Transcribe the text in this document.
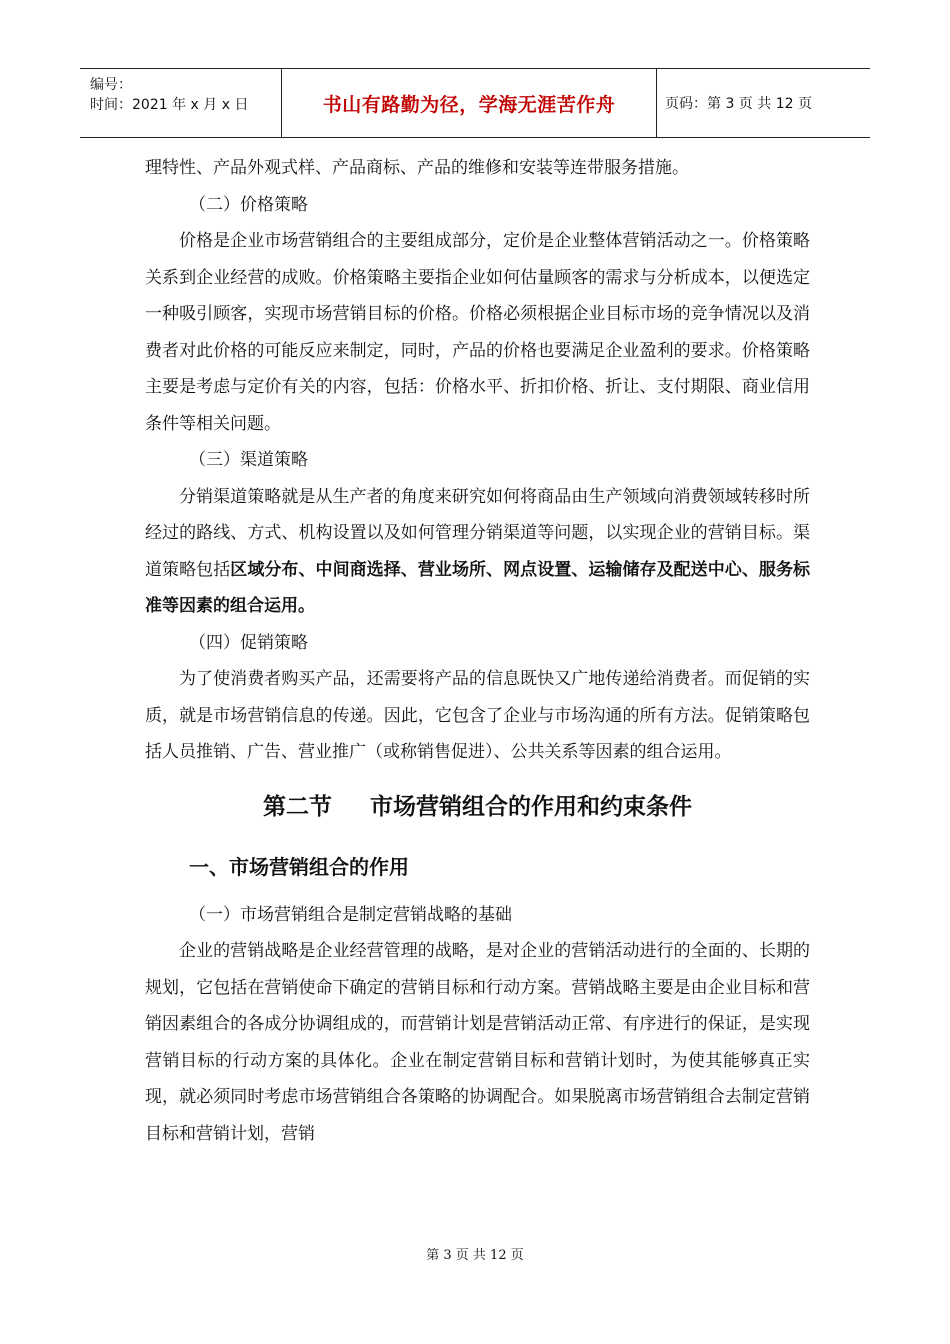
编号：
时间：2021 年 x 月 x 日	书山有路勤为径，学海无涯苦作舟	页码：第 3 页 共 12 页

理特性、产品外观式样、产品商标、产品的维修和安装等连带服务措施。

（二）价格策略

价格是企业市场营销组合的主要组成部分，定价是企业整体营销活动之一。价格策略关系到企业经营的成败。价格策略主要指企业如何估量顾客的需求与分析成本，以便选定一种吸引顾客，实现市场营销目标的价格。价格必须根据企业目标市场的竞争情况以及消费者对此价格的可能反应来制定，同时，产品的价格也要满足企业盈利的要求。价格策略主要是考虑与定价有关的内容，包括：价格水平、折扣价格、折让、支付期限、商业信用条件等相关问题。

（三）渠道策略

分销渠道策略就是从生产者的角度来研究如何将商品由生产领域向消费领域转移时所经过的路线、方式、机构设置以及如何管理分销渠道等问题，以实现企业的营销目标。渠道策略包括区域分布、中间商选择、营业场所、网点设置、运输储存及配送中心、服务标准等因素的组合运用。

（四）促销策略

为了使消费者购买产品，还需要将产品的信息既快又广地传递给消费者。而促销的实质，就是市场营销信息的传递。因此，它包含了企业与市场沟通的所有方法。促销策略包括人员推销、广告、营业推广（或称销售促进）、公共关系等因素的组合运用。

第二节 市场营销组合的作用和约束条件

一、市场营销组合的作用

（一）市场营销组合是制定营销战略的基础

企业的营销战略是企业经营管理的战略，是对企业的营销活动进行的全面的、长期的规划，它包括在营销使命下确定的营销目标和行动方案。营销战略主要是由企业目标和营销因素组合的各成分协调组成的，而营销计划是营销活动正常、有序进行的保证，是实现营销目标的行动方案的具体化。企业在制定营销目标和营销计划时，为使其能够真正实现，就必须同时考虑市场营销组合各策略的协调配合。如果脱离市场营销组合去制定营销目标和营销计划，营销

第 3 页 共 12 页
